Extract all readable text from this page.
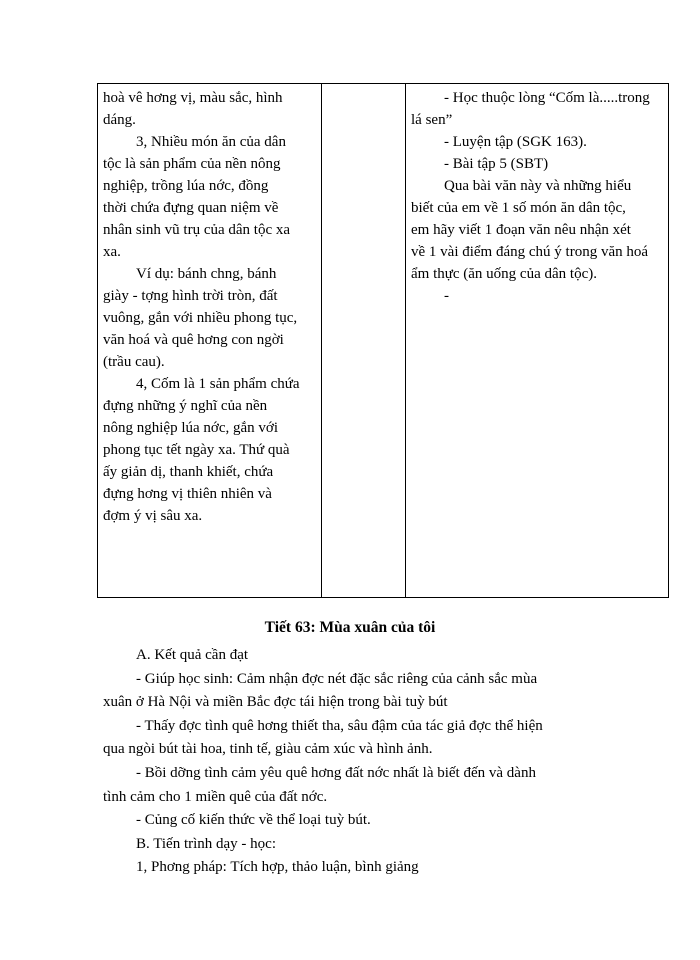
hoà vê hơng vị, màu sắc, hình

dáng.

3, Nhiều món ăn của dân

tộc là sản phẩm của nền nông

nghiệp, trồng lúa nớc, đồng

thời chứa đựng quan niệm về

nhân sinh vũ trụ của dân tộc xa

xa.

Ví dụ: bánh chng, bánh

giày - tợng hình trời tròn, đất

vuông, gắn với nhiều phong tục,

văn hoá và quê hơng con ngời

(trầu cau).

4, Cốm là 1 sản phẩm chứa

đựng những ý nghĩ của nền

nông nghiệp lúa nớc, gắn với

phong tục tết ngày xa. Thứ quà

ấy giản dị, thanh khiết, chứa

đựng hơng vị thiên nhiên và

đợm ý vị sâu xa.

- Học thuộc lòng “Cốm là.....trong

lá sen”

- Luyện tập (SGK 163).

- Bài tập 5 (SBT)

Qua bài văn này và những hiểu

biết của em về 1 số món ăn dân tộc,

em hãy viết 1 đoạn văn nêu nhận xét

về 1 vài điểm đáng chú ý trong văn hoá

ẩm thực (ăn uống của dân tộc).

-

Tiết 63: Mùa xuân của tôi

A. Kết quả cần đạt

- Giúp học sinh: Cảm nhận đợc nét đặc sắc riêng của cảnh sắc mùa

xuân ở Hà Nội và miền Bắc đợc tái hiện trong bài tuỳ bút

- Thấy đợc tình quê hơng thiết tha, sâu đậm của tác giả đợc thể hiện

qua ngòi bút tài hoa, tinh tế, giàu cảm xúc và hình ảnh.

- Bồi dỡng tình cảm yêu quê hơng đất nớc nhất là biết đến và dành

tình cảm cho 1 miền quê của đất nớc.

- Củng cố kiến thức về thể loại tuỳ bút.

B. Tiến trình dạy - học:

1, Phơng pháp: Tích hợp, thảo luận, bình giảng
